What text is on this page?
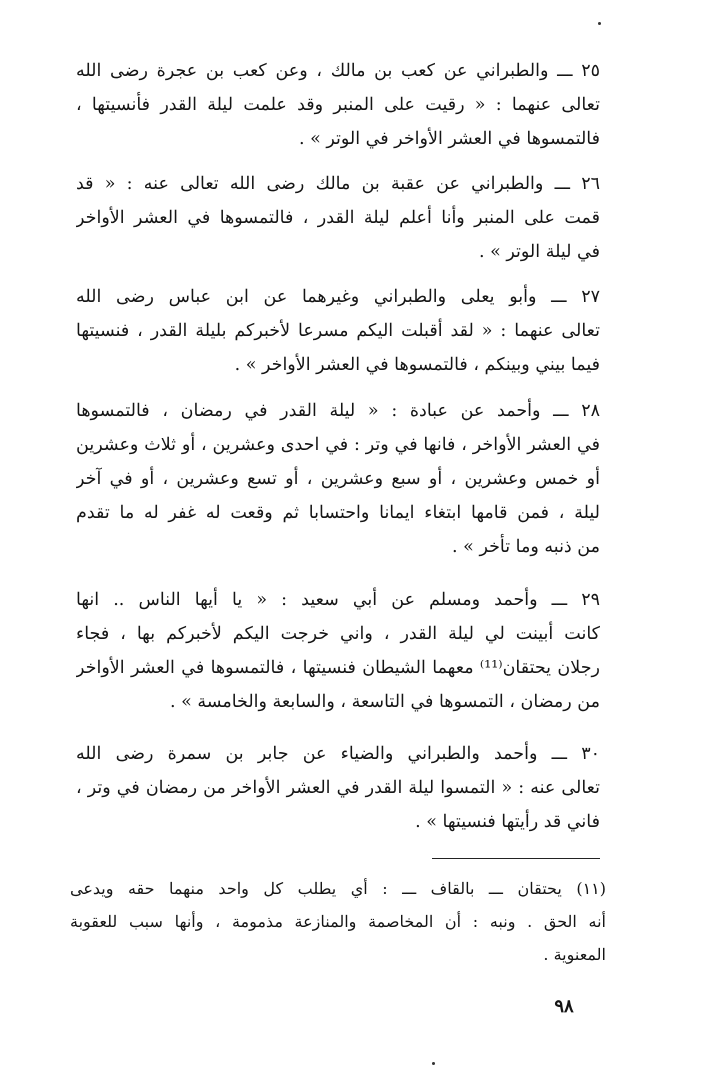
٢٥ ـــ والطبراني عن كعب بن مالك ، وعن كعب بن عجرة رضى الله
تعالى عنهما : « رقيت على المنبر وقد علمت ليلة القدر فأنسيتها ،
فالتمسوها في العشر الأواخر في الوتر » .
٢٦ ـــ والطبراني عن عقبة بن مالك رضى الله تعالى عنه : « قد
قمت على المنبر وأنا أعلم ليلة القدر ، فالتمسوها في العشر الأواخر
في ليلة الوتر » .
٢٧ ـــ وأبو يعلى والطبراني وغيرهما عن ابن عباس رضى الله
تعالى عنهما : « لقد أقبلت اليكم مسرعا لأخبركم بليلة القدر ، فنسيتها
فيما بيني وبينكم ، فالتمسوها في العشر الأواخر » .
٢٨ ـــ وأحمد عن عبادة : « ليلة القدر في رمضان ، فالتمسوها
في العشر الأواخر ، فانها في وتر : في احدى وعشرين ، أو ثلاث وعشرين
أو خمس وعشرين ، أو سبع وعشرين ، أو تسع وعشرين ، أو في آخر
ليلة ، فمن قامها ابتغاء ايمانا واحتسابا ثم وقعت له غفر له ما تقدم
من ذنبه وما تأخر » .
٢٩ ـــ وأحمد ومسلم عن أبي سعيد : « يا أيها الناس .. انها
كانت أبينت لي ليلة القدر ، واني خرجت اليكم لأخبركم بها ، فجاء
رجلان يحتقان⁽¹¹⁾ معهما الشيطان فنسيتها ، فالتمسوها في العشر الأواخر
من رمضان ، التمسوها في التاسعة ، والسابعة والخامسة » .
٣٠ ـــ وأحمد والطبراني والضياء عن جابر بن سمرة رضى الله
تعالى عنه : « التمسوا ليلة القدر في العشر الأواخر من رمضان في وتر ،
فاني قد رأيتها فنسيتها » .
(١١) يحتقان ـــ بالقاف ـــ : أي يطلب كل واحد منهما حقه ويدعى
أنه الحق . ونبه : أن المخاصمة والمنازعة مذمومة ، وأنها سبب للعقوبة
المعنوية .
٩٨
